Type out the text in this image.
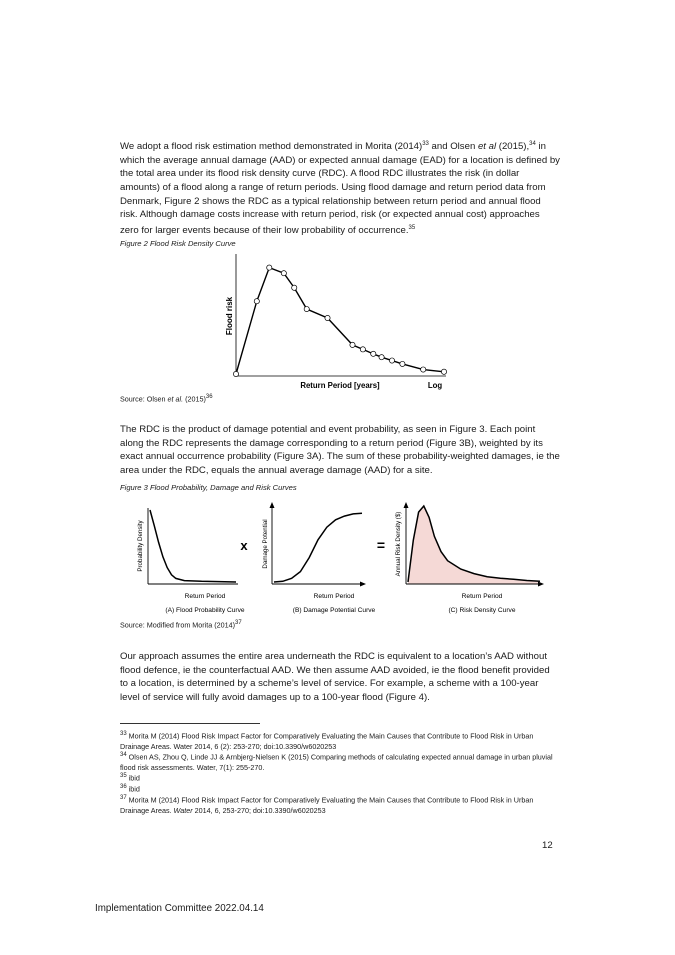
We adopt a flood risk estimation method demonstrated in Morita $(2014)^{33}$ and Olsen et al (2015),$^{34}$ in which the average annual damage (AAD) or expected annual damage (EAD) for a location is defined by the total area under its flood risk density curve (RDC). A flood RDC illustrates the risk (in dollar amounts) of a flood along a range of return periods. Using flood damage and return period data from Denmark, Figure 2 shows the RDC as a typical relationship between return period and annual flood risk. Although damage costs increase with return period, risk (or expected annual cost) approaches zero for larger events because of their low probability of occurrence.$^{35}$

Figure 2 Flood Risk Density Curve

Flood risk
Return Period [years]	Log

Source: Olsen et al. $(2015)^{36}$

The RDC is the product of damage potential and event probability, as seen in Figure 3. Each point along the RDC represents the damage corresponding to a return period (Figure 3B), weighted by its exact annual occurrence probability (Figure 3A). The sum of these probability-weighted damages, ie the area under the RDC, equals the annual average damage (AAD) for a site.

Figure 3 Flood Probability, Damage and Risk Curves

Probability Density
Return Period
(A) Flood Probability Curve
x Damage Potential
Return Period
(B) Damage Potential Curve
= Annual Risk Density ($)
Return Period
(C) Risk Density Curve

Source: Modified from Morita $(2014)^{37}$

Our approach assumes the entire area underneath the RDC is equivalent to a location’s AAD without flood defence, ie the counterfactual AAD. We then assume AAD avoided, ie the flood benefit provided to a location, is determined by a scheme’s level of service. For example, a scheme with a 100-year level of service will fully avoid damages up to a 100-year flood (Figure 4).

$^{33}$ Morita M (2014) Flood Risk Impact Factor for Comparatively Evaluating the Main Causes that Contribute to Flood Risk in Urban Drainage Areas. Water 2014, 6 (2): 253-270; doi:10.3390/w6020253

$^{34}$ Olsen AS, Zhou Q, Linde JJ & Arnbjerg-Nielsen K (2015) Comparing methods of calculating expected annual damage in urban pluvial flood risk assessments. Water, 7(1): 255-270.

$^{35}$ ibid

$^{36}$ ibid

$^{37}$ Morita M (2014) Flood Risk Impact Factor for Comparatively Evaluating the Main Causes that Contribute to Flood Risk in Urban Drainage Areas. Water 2014, 6, 253-270; doi:10.3390/w6020253

12
Implementation Committee 2022.04.14
